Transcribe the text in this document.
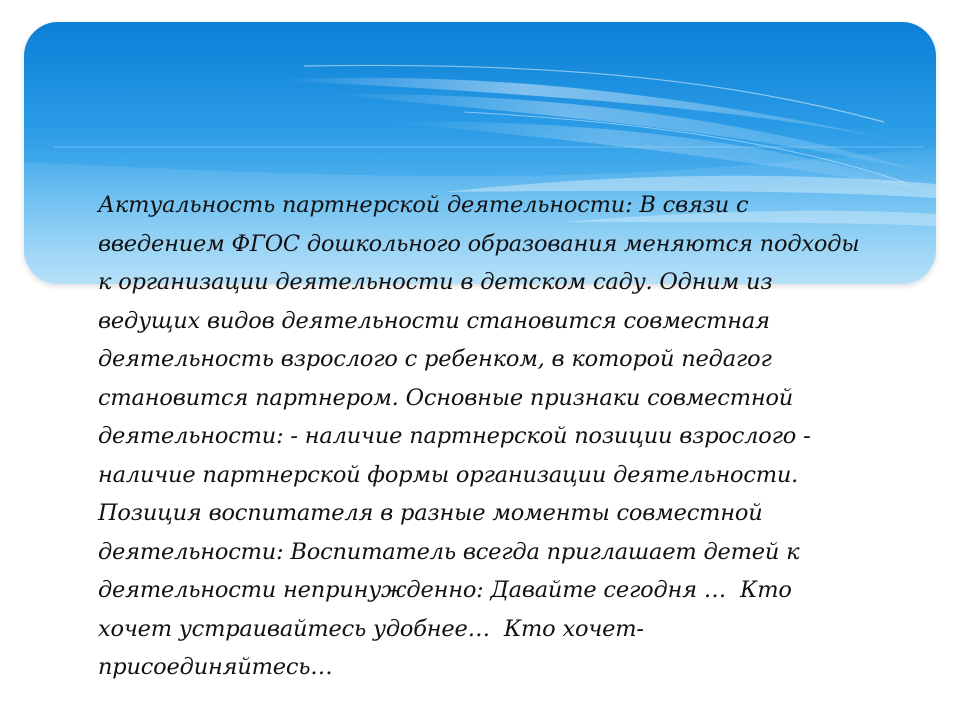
Актуальность партнерской деятельности: В связи с
введением ФГОС дошкольного образования меняются подходы
к организации деятельности в детском саду. Одним из
ведущих видов деятельности становится совместная
деятельность взрослого с ребенком, в которой педагог
становится партнером. Основные признаки совместной
деятельности: - наличие партнерской позиции взрослого -
наличие партнерской формы организации деятельности.
Позиция воспитателя в разные моменты совместной
деятельности: Воспитатель всегда приглашает детей к
деятельности непринужденно: Давайте сегодня …  Кто
хочет устраивайтесь удобнее…  Кто хочет-
присоединяйтесь…
